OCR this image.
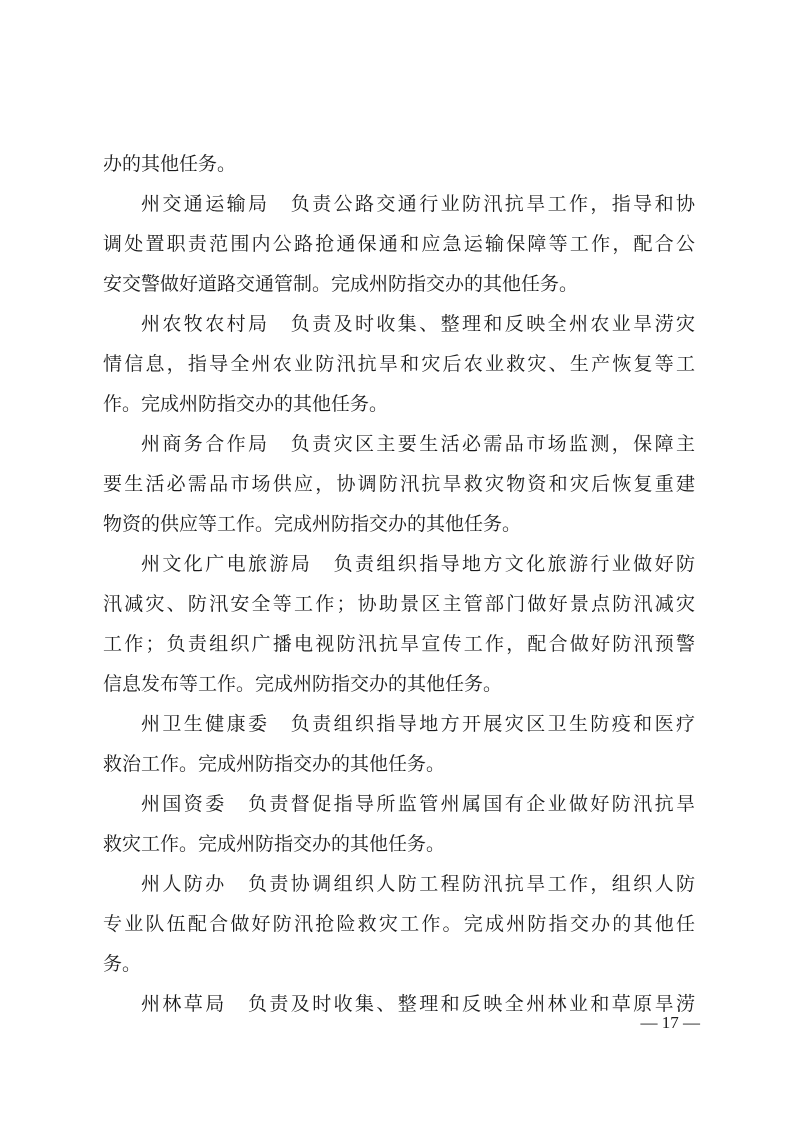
办的其他任务。
州交通运输局　负责公路交通行业防汛抗旱工作，指导和协
调处置职责范围内公路抢通保通和应急运输保障等工作，配合公
安交警做好道路交通管制。完成州防指交办的其他任务。
州农牧农村局　负责及时收集、整理和反映全州农业旱涝灾
情信息，指导全州农业防汛抗旱和灾后农业救灾、生产恢复等工
作。完成州防指交办的其他任务。
州商务合作局　负责灾区主要生活必需品市场监测，保障主
要生活必需品市场供应，协调防汛抗旱救灾物资和灾后恢复重建
物资的供应等工作。完成州防指交办的其他任务。
州文化广电旅游局　负责组织指导地方文化旅游行业做好防
汛减灾、防汛安全等工作；协助景区主管部门做好景点防汛减灾
工作；负责组织广播电视防汛抗旱宣传工作，配合做好防汛预警
信息发布等工作。完成州防指交办的其他任务。
州卫生健康委　负责组织指导地方开展灾区卫生防疫和医疗
救治工作。完成州防指交办的其他任务。
州国资委　负责督促指导所监管州属国有企业做好防汛抗旱
救灾工作。完成州防指交办的其他任务。
州人防办　负责协调组织人防工程防汛抗旱工作，组织人防
专业队伍配合做好防汛抢险救灾工作。完成州防指交办的其他任
务。
州林草局　负责及时收集、整理和反映全州林业和草原旱涝
— 17 —
